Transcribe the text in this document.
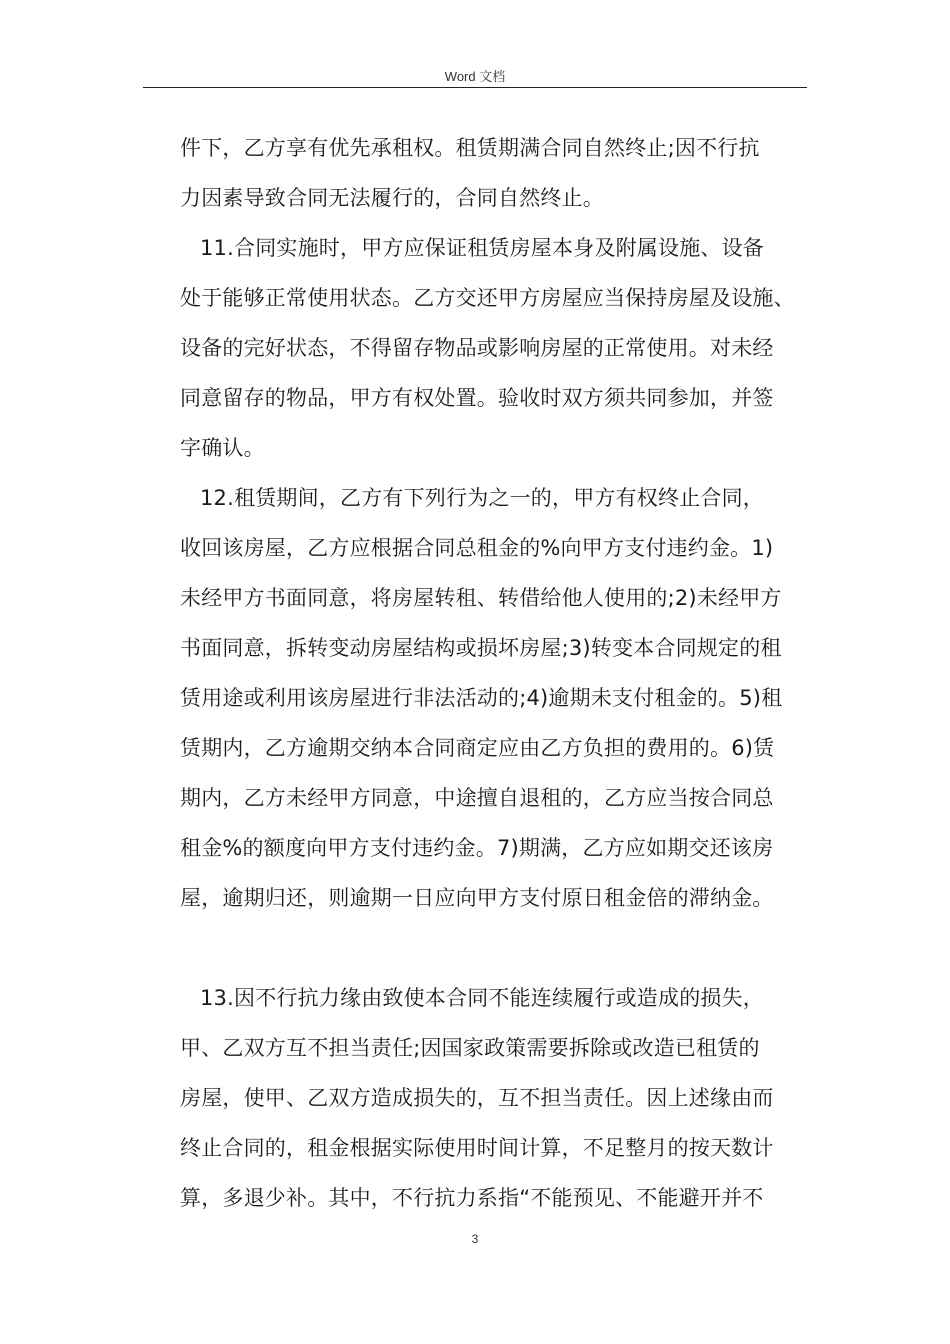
Word 文档
件下，乙方享有优先承租权。租赁期满合同自然终止;因不行抗
力因素导致合同无法履行的，合同自然终止。
11.合同实施时，甲方应保证租赁房屋本身及附属设施、设备
处于能够正常使用状态。乙方交还甲方房屋应当保持房屋及设施、
设备的完好状态，不得留存物品或影响房屋的正常使用。对未经
同意留存的物品，甲方有权处置。验收时双方须共同参加，并签
字确认。
12.租赁期间，乙方有下列行为之一的，甲方有权终止合同，
收回该房屋，乙方应根据合同总租金的%向甲方支付违约金。1)
未经甲方书面同意，将房屋转租、转借给他人使用的;2)未经甲方
书面同意，拆转变动房屋结构或损坏房屋;3)转变本合同规定的租
赁用途或利用该房屋进行非法活动的;4)逾期未支付租金的。5)租
赁期内，乙方逾期交纳本合同商定应由乙方负担的费用的。6)赁
期内，乙方未经甲方同意，中途擅自退租的，乙方应当按合同总
租金%的额度向甲方支付违约金。7)期满，乙方应如期交还该房
屋，逾期归还，则逾期一日应向甲方支付原日租金倍的滞纳金。
13.因不行抗力缘由致使本合同不能连续履行或造成的损失，
甲、乙双方互不担当责任;因国家政策需要拆除或改造已租赁的
房屋，使甲、乙双方造成损失的，互不担当责任。因上述缘由而
终止合同的，租金根据实际使用时间计算，不足整月的按天数计
算，多退少补。其中，不行抗力系指“不能预见、不能避开并不
3
